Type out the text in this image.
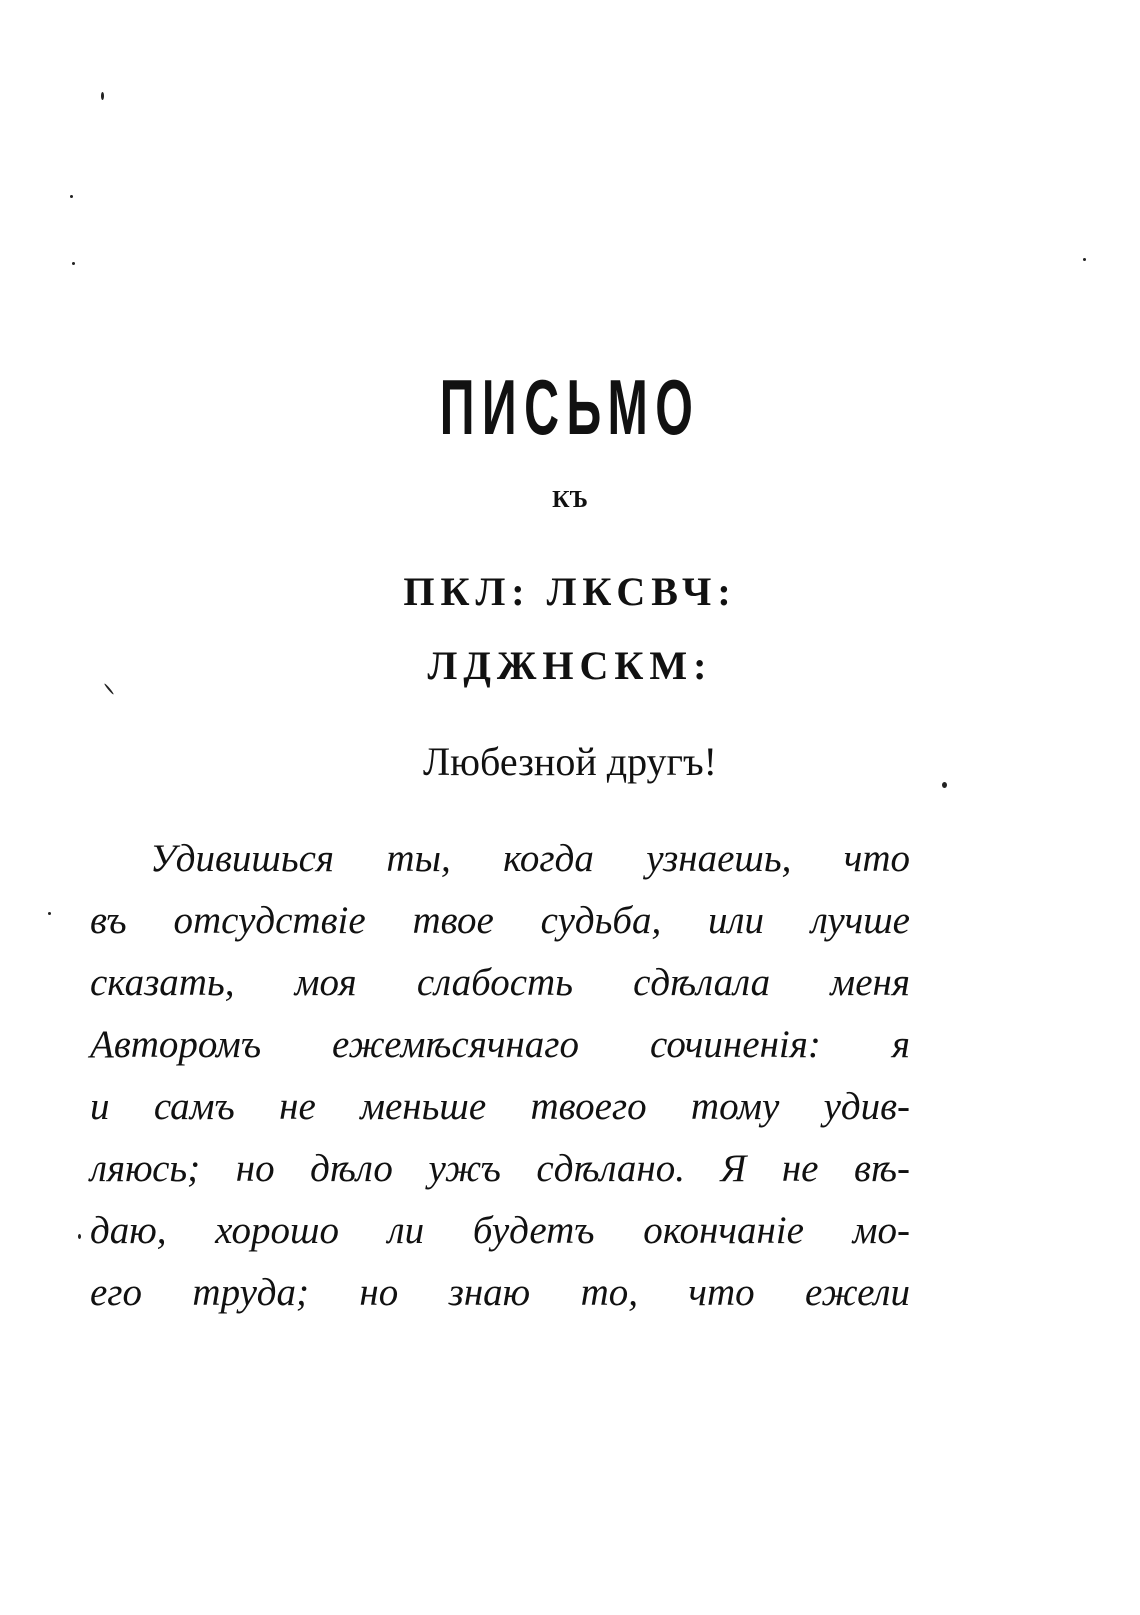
ПИСЬМО
КЪ
ПКЛ: ЛКСВЧ:
ЛДЖНСКМ:
Любезной другъ!
Удивишься ты, когда узнаешь, что
въ отсудствіе твое судьба, или лучше
сказать, моя слабость сдѣлала меня
Авторомъ ежемѣсячнаго сочиненія: я
и самъ не меньше твоего тому удив-
ляюсь; но дѣло ужъ сдѣлано. Я не вѣ-
даю, хорошо ли будетъ окончаніе мо-
его труда; но знаю то, что ежели
